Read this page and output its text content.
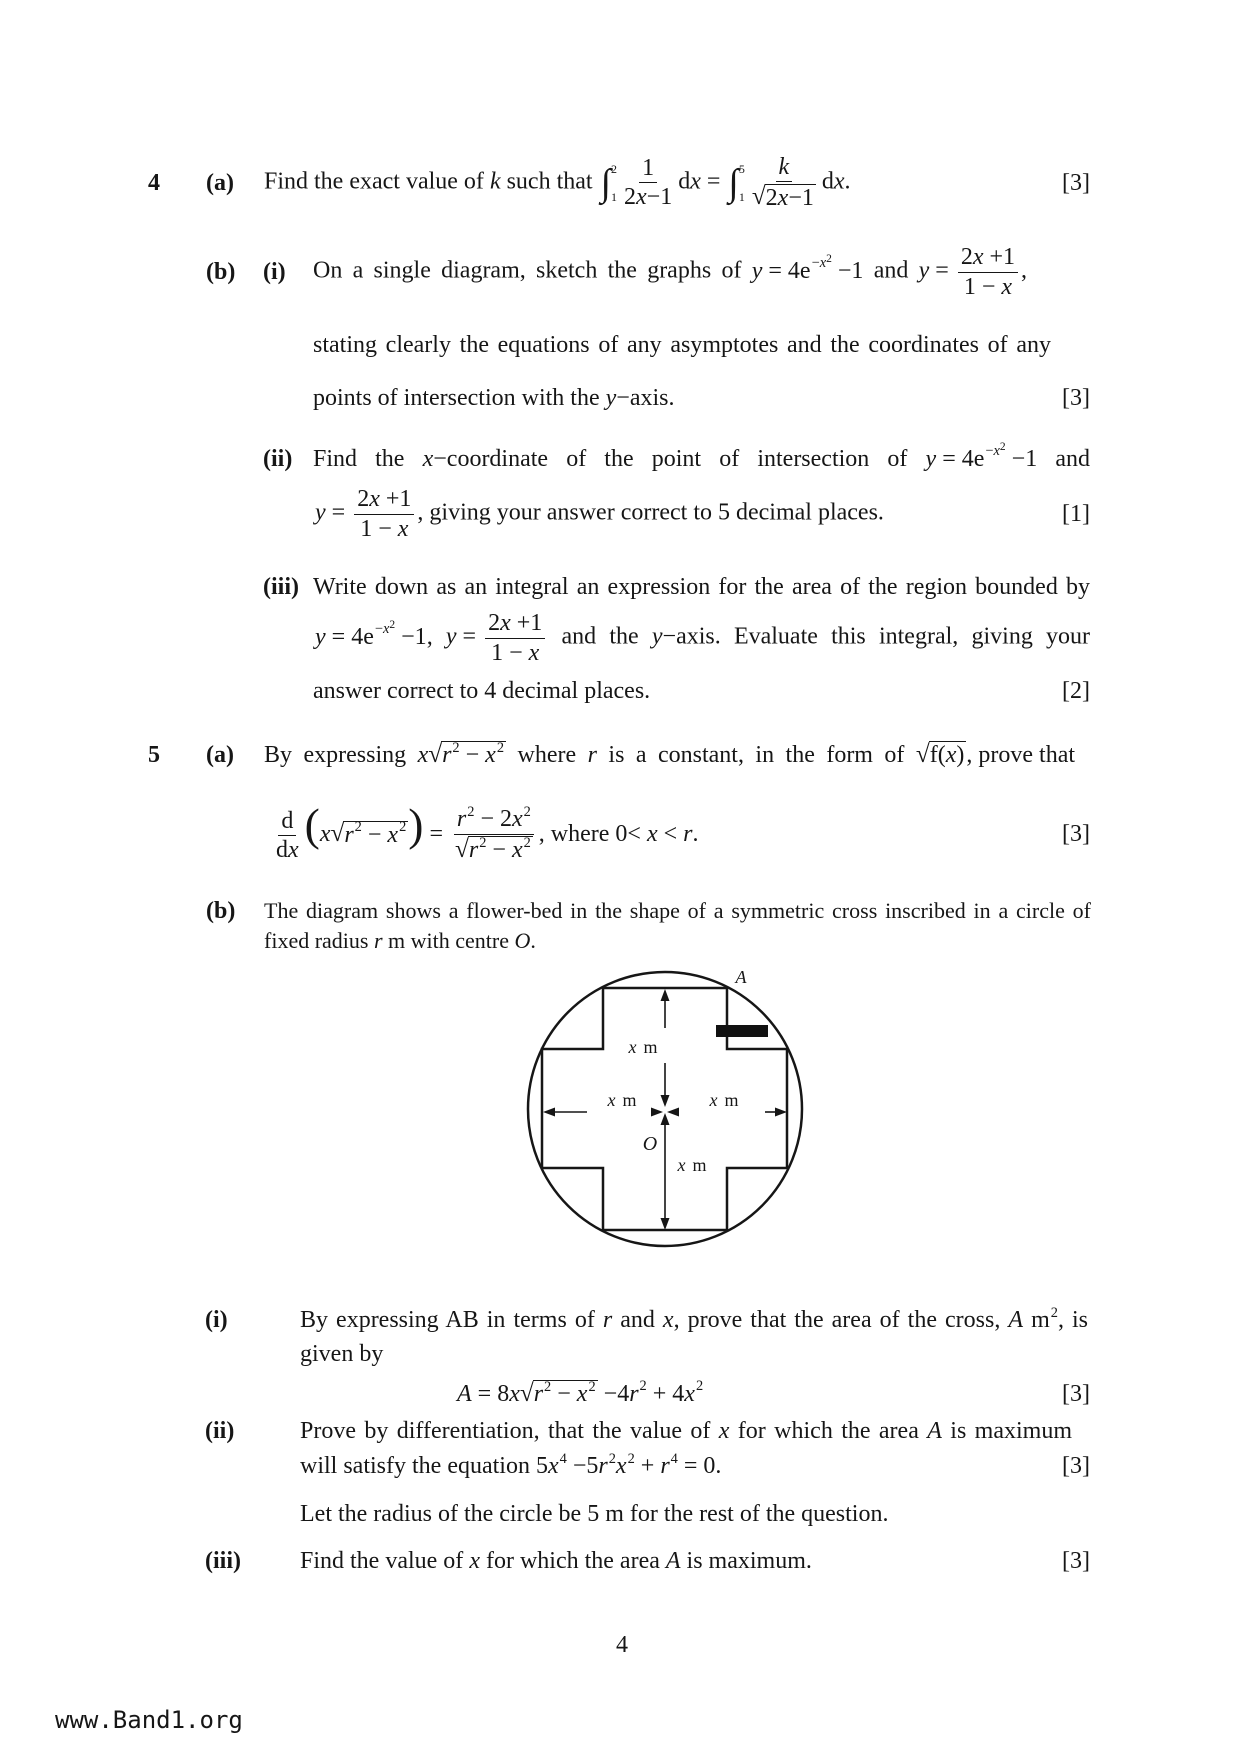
4 (a) Find the exact value of k such that ∫ 2
$1 \frac{1}{2x-1}$ dx = ∫ 5
$1 \frac{k}{√ 2x-1}$ dx.	[3]
(b) (i) On a single diagram, sketch the graphs of $y = 4e^{-x^2} -1$ and $y = \frac{2x +1}{1 - x}$ ,
stating clearly the equations of any asymptotes and the coordinates of any
points of intersection with the y−axis.	[3]
(ii) Find the x−coordinate of the point of intersection of $y = 4e^{-x^2} -1$ and
$y = \frac{2x +1}{1 - x}$ , giving your answer correct to 5 decimal places.	[1]
(iii) Write down as an integral an expression for the area of the region bounded by
$y = 4e^{-x^2} -1$, $y = \frac{2x +1}{1 - x}$ and the y−axis. Evaluate this integral, giving your
answer correct to 4 decimal places.	[2]
5 (a) By expressing x √ $r^2 - x^2$ where r is a constant, in the form of √ f(x) , prove that
$\frac{d}{dx} (x$ √ $r^2 - x^2$ ) = $\frac{r^2 - 2x^2}{√ r^2 - x^2}$ , where 0< x < r.	[3]
(b) The diagram shows a flower-bed in the shape of a symmetric cross inscribed in a circle of
fixed radius r m with centre O.
x m
x m	x m
x m
O
A
(i)	By expressing AB in terms of r and x, prove that the area of the cross, A $m^2$, is
given by
A = 8x √ $r^2 - x^2 -4r^2 + 4x^2$	[3]
(ii)	Prove by differentiation, that the value of x for which the area A is maximum
will satisfy the equation $5x^4 -5r^2x^2 + r^4 = 0$.	[3]
Let the radius of the circle be 5 m for the rest of the question.
(iii) Find the value of x for which the area A is maximum.	[3]
4
www.Band1.org
